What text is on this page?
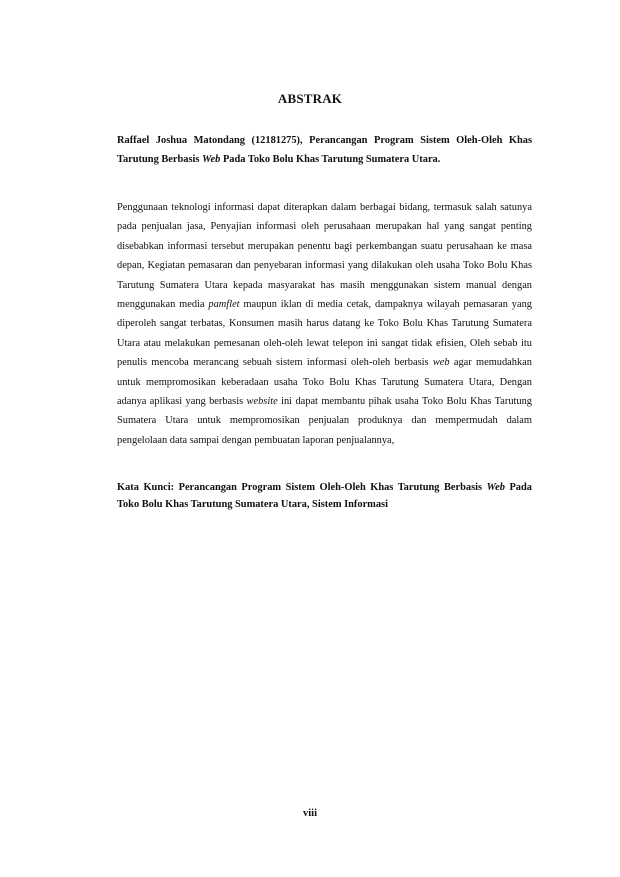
ABSTRAK
Raffael Joshua Matondang (12181275), Perancangan Program Sistem Oleh-Oleh Khas Tarutung Berbasis Web Pada Toko Bolu Khas Tarutung Sumatera Utara.

Penggunaan teknologi informasi dapat diterapkan dalam berbagai bidang, termasuk salah satunya pada penjualan jasa, Penyajian informasi oleh perusahaan merupakan hal yang sangat penting disebabkan informasi tersebut merupakan penentu bagi perkembangan suatu perusahaan ke masa depan, Kegiatan pemasaran dan penyebaran informasi yang dilakukan oleh usaha Toko Bolu Khas Tarutung Sumatera Utara kepada masyarakat has masih menggunakan sistem manual dengan menggunakan media pamflet maupun iklan di media cetak, dampaknya wilayah pemasaran yang diperoleh sangat terbatas, Konsumen masih harus datang ke Toko Bolu Khas Tarutung Sumatera Utara atau melakukan pemesanan oleh-oleh lewat telepon ini sangat tidak efisien, Oleh sebab itu penulis mencoba merancang sebuah sistem informasi oleh-oleh berbasis web agar memudahkan untuk mempromosikan keberadaan usaha Toko Bolu Khas Tarutung Sumatera Utara, Dengan adanya aplikasi yang berbasis website ini dapat membantu pihak usaha Toko Bolu Khas Tarutung Sumatera Utara untuk mempromosikan penjualan produknya dan mempermudah dalam pengelolaan data sampai dengan pembuatan laporan penjualannya,

Kata Kunci: Perancangan Program Sistem Oleh-Oleh Khas Tarutung Berbasis Web Pada Toko Bolu Khas Tarutung Sumatera Utara, Sistem Informasi
viii
